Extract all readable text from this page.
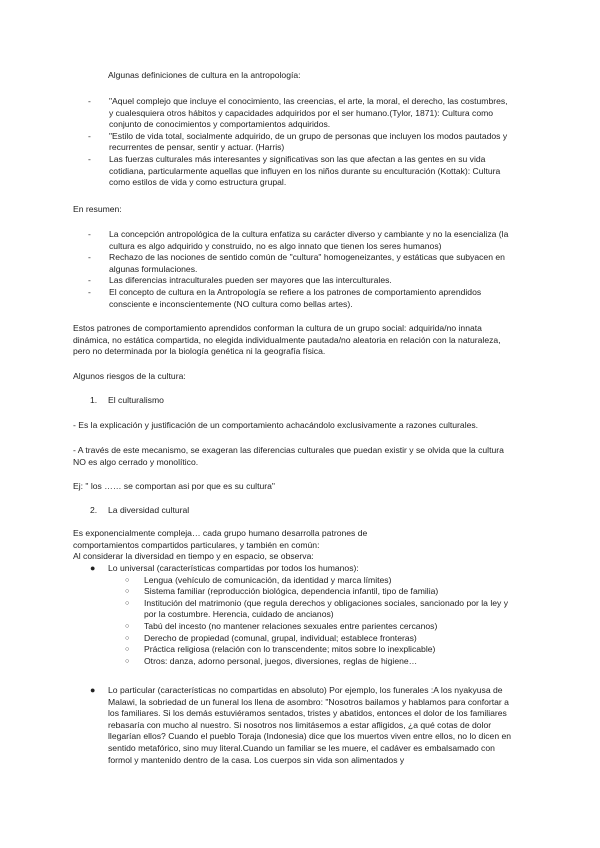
Algunas definiciones de cultura en la antropología:

- "Aquel complejo que incluye el conocimiento, las creencias, el arte, la moral, el derecho, las costumbres, y cualesquiera otros hábitos y capacidades adquiridos por el ser humano.(Tylor, 1871): Cultura como conjunto de conocimientos y comportamientos adquiridos.
- "Estilo de vida total, socialmente adquirido, de un grupo de personas que incluyen los modos pautados y recurrentes de pensar, sentir y actuar. (Harris)
- Las fuerzas culturales más interesantes y significativas son las que afectan a las gentes en su vida cotidiana, particularmente aquellas que influyen en los niños durante su enculturación (Kottak): Cultura como estilos de vida y como estructura grupal.

En resumen:

- La concepción antropológica de la cultura enfatiza su carácter diverso y cambiante y no la esencializa (la cultura es algo adquirido y construido, no es algo innato que tienen los seres humanos)
- Rechazo de las nociones de sentido común de "cultura" homogeneizantes, y estáticas que subyacen en algunas formulaciones.
- Las diferencias intraculturales pueden ser mayores que las interculturales.
- El concepto de cultura en la Antropología se refiere a los patrones de comportamiento aprendidos consciente e inconscientemente (NO cultura como bellas artes).

Estos patrones de comportamiento aprendidos conforman la cultura de un grupo social: adquirida/no innata dinámica, no estática compartida, no elegida individualmente pautada/no aleatoria en relación con la naturaleza, pero no determinada por la biología genética ni la geografía física.

Algunos riesgos de la cultura:

1. El culturalismo

- Es la explicación y justificación de un comportamiento achacándolo exclusivamente a razones culturales.

- A través de este mecanismo, se exageran las diferencias culturales que puedan existir y se olvida que la cultura NO es algo cerrado y monolítico.

Ej: " los …… se comportan asi por que es su cultura"

2. La diversidad cultural

Es exponencialmente compleja… cada grupo humano desarrolla patrones de
comportamientos compartidos particulares, y también en común:
Al considerar la diversidad en tiempo y en espacio, se observa:

● Lo universal (características compartidas por todos los humanos):
○ Lengua (vehículo de comunicación, da identidad y marca límites)
○ Sistema familiar (reproducción biológica, dependencia infantil, tipo de familia)
○ Institución del matrimonio (que regula derechos y obligaciones sociales, sancionado por la ley y por la costumbre. Herencia, cuidado de ancianos)
○ Tabú del incesto (no mantener relaciones sexuales entre parientes cercanos)
○ Derecho de propiedad (comunal, grupal, individual; establece fronteras)
○ Práctica religiosa (relación con lo transcendente; mitos sobre lo inexplicable)
○ Otros: danza, adorno personal, juegos, diversiones, reglas de higiene…
● Lo particular (características no compartidas en absoluto) Por ejemplo, los funerales :A los nyakyusa de Malawi, la sobriedad de un funeral los llena de asombro: "Nosotros bailamos y hablamos para confortar a los familiares. Si los demás estuviéramos sentados, tristes y abatidos, entonces el dolor de los familiares rebasaría con mucho al nuestro. Si nosotros nos limitásemos a estar afligidos, ¿a qué cotas de dolor llegarían ellos? Cuando el pueblo Toraja (Indonesia) dice que los muertos viven entre ellos, no lo dicen en sentido metafórico, sino muy literal.Cuando un familiar se les muere, el cadáver es embalsamado con formol y mantenido dentro de la casa. Los cuerpos sin vida son alimentados y
